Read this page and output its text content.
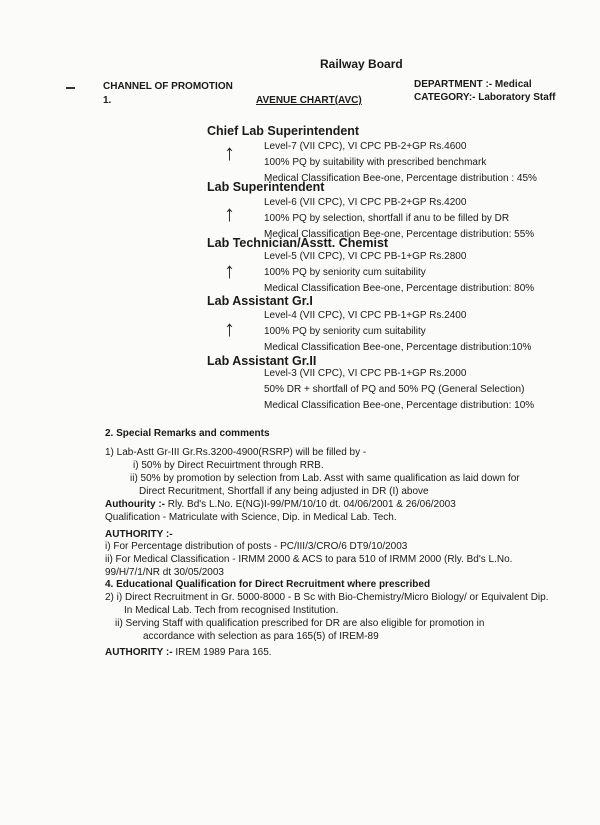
Railway Board
CHANNEL OF PROMOTION
1.	AVENUE CHART(AVC)
DEPARTMENT :- Medical
CATEGORY:- Laboratory Staff
Chief Lab Superintendent
↑	Level-7 (VII CPC), VI CPC PB-2+GP Rs.4600
100% PQ by suitability with prescribed benchmark
Medical Classification Bee-one, Percentage distribution : 45%
Lab Superintendent
↑	Level-6 (VII CPC), VI CPC PB-2+GP Rs.4200
100% PQ by selection, shortfall if anu to be filled by DR
Medical Classification Bee-one, Percentage distribution: 55%
Lab Technician/Asstt. Chemist
↑
Level-5 (VII CPC), VI CPC PB-1+GP Rs.2800
100% PQ by seniority cum suitability
Medical Classification Bee-one, Percentage distribution: 80%
Lab Assistant Gr.I
↑
Level-4 (VII CPC), VI CPC PB-1+GP Rs.2400
100% PQ by seniority cum suitability
Medical Classification Bee-one, Percentage distribution:10%
Lab Assistant Gr.II
Level-3 (VII CPC), VI CPC PB-1+GP Rs.2000
50% DR + shortfall of PQ and 50% PQ (General Selection)
Medical Classification Bee-one, Percentage distribution: 10%
2. Special Remarks and comments
1) Lab-Astt Gr-III Gr.Rs.3200-4900(RSRP) will be filled by -
i) 50% by Direct Recuirtment through RRB.
ii) 50% by promotion by selection from Lab. Asst with same qualification as laid down for
Direct Recuritment, Shortfall if any being adjusted in DR (I) above
Authourity :- Rly. Bd's L.No. E(NG)I-99/PM/10/10 dt. 04/06/2001 & 26/06/2003
Qualification - Matriculate with Science, Dip. in Medical Lab. Tech.
AUTHORITY :-
i) For Percentage distribution of posts - PC/III/3/CRO/6 DT9/10/2003
ii) For Medical Classification - IRMM 2000 & ACS to para 510 of IRMM 2000 (Rly. Bd's L.No.
99/H/7/1/NR dt 30/05/2003
4. Educational Qualification for Direct Recruitment where prescribed
2) i) Direct Recruitment in Gr. 5000-8000 - B Sc with Bio-Chemistry/Micro Biology/ or Equivalent Dip.
In Medical Lab. Tech from recognised Institution.
ii) Serving Staff with qualification prescribed for DR are also eligible for promotion in
accordance with selection as para 165(5) of IREM-89
AUTHORITY :- IREM 1989 Para 165.
